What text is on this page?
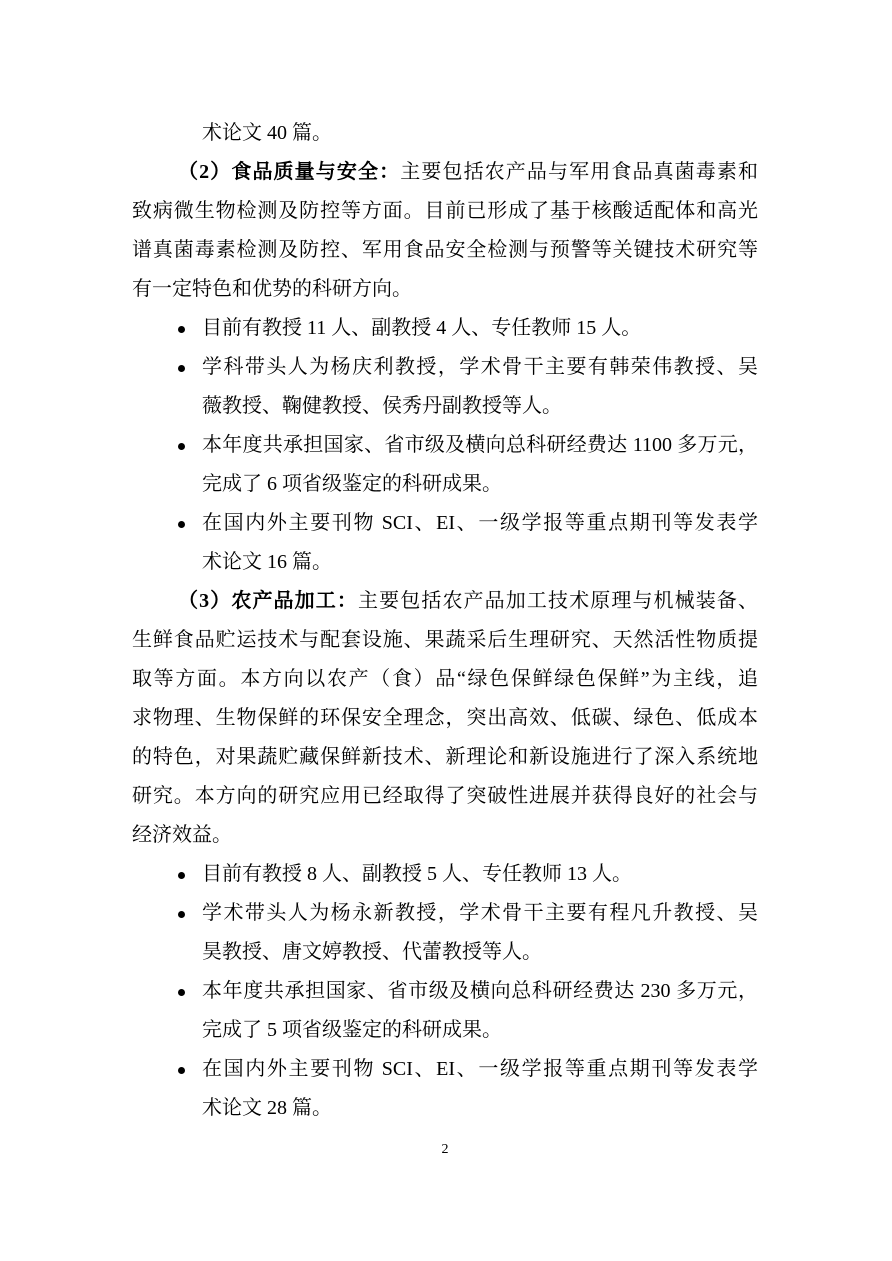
术论文 40 篇。
（2）食品质量与安全：主要包括农产品与军用食品真菌毒素和
致病微生物检测及防控等方面。目前已形成了基于核酸适配体和高光
谱真菌毒素检测及防控、军用食品安全检测与预警等关键技术研究等
有一定特色和优势的科研方向。
目前有教授 11 人、副教授 4 人、专任教师 15 人。
学科带头人为杨庆利教授，学术骨干主要有韩荣伟教授、吴
薇教授、鞠健教授、侯秀丹副教授等人。
本年度共承担国家、省市级及横向总科研经费达 1100 多万元，
完成了 6 项省级鉴定的科研成果。
在国内外主要刊物 SCI、EI、一级学报等重点期刊等发表学
术论文 16 篇。
（3）农产品加工：主要包括农产品加工技术原理与机械装备、
生鲜食品贮运技术与配套设施、果蔬采后生理研究、天然活性物质提
取等方面。本方向以农产（食）品“绿色保鲜绿色保鲜”为主线，追
求物理、生物保鲜的环保安全理念，突出高效、低碳、绿色、低成本
的特色，对果蔬贮藏保鲜新技术、新理论和新设施进行了深入系统地
研究。本方向的研究应用已经取得了突破性进展并获得良好的社会与
经济效益。
目前有教授 8 人、副教授 5 人、专任教师 13 人。
学术带头人为杨永新教授，学术骨干主要有程凡升教授、吴
昊教授、唐文婷教授、代蕾教授等人。
本年度共承担国家、省市级及横向总科研经费达 230 多万元，
完成了 5 项省级鉴定的科研成果。
在国内外主要刊物 SCI、EI、一级学报等重点期刊等发表学
术论文 28 篇。
2
